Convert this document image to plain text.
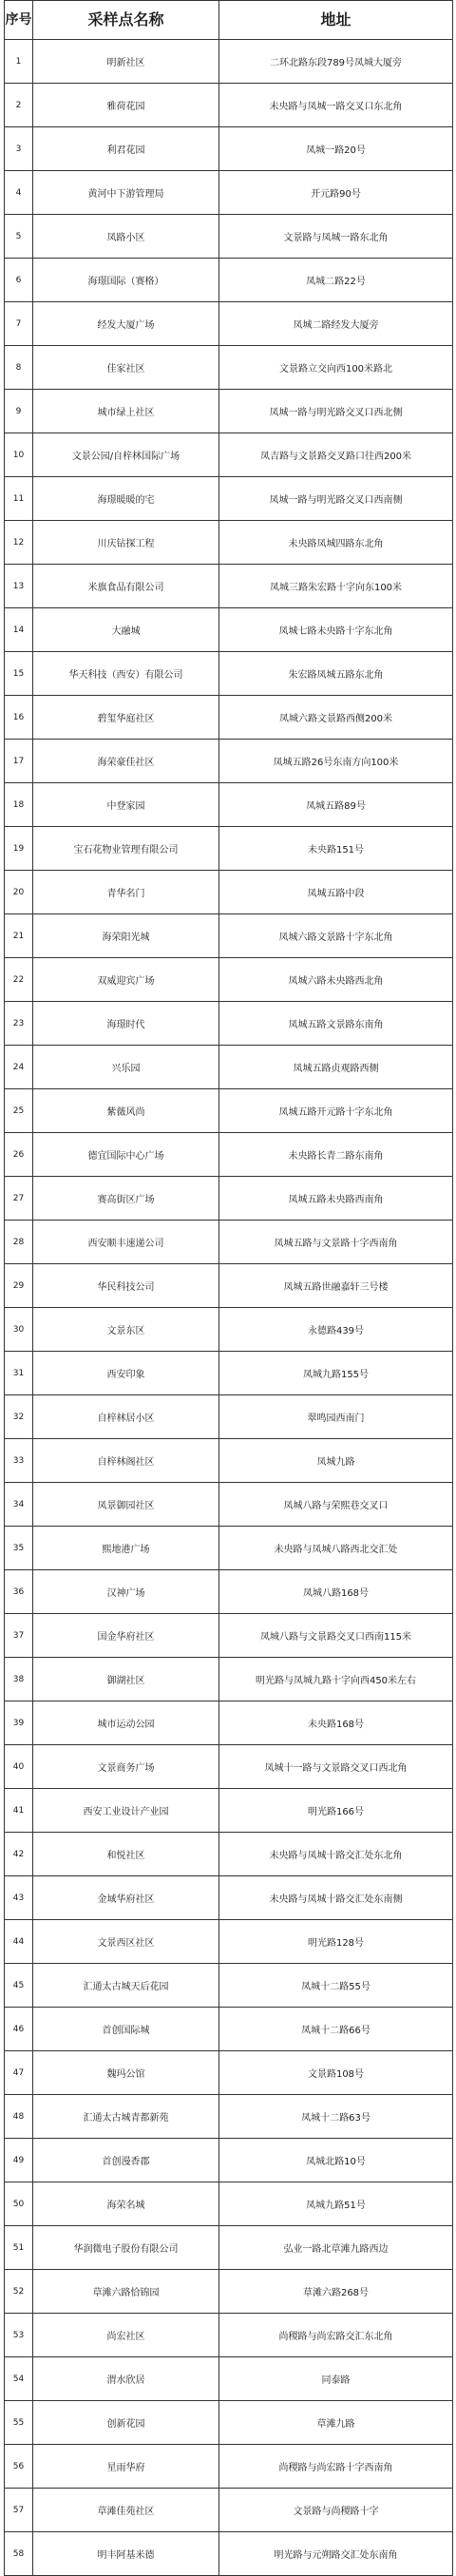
序号	采样点名称	地址
1	明新社区	二环北路东段789号凤城大厦旁
2	雅荷花园	未央路与凤城一路交叉口东北角
3	利君花园	凤城一路20号
4	黄河中下游管理局	开元路90号
5	凤路小区	文景路与凤城一路东北角
6	海璟国际（赛格）	凤城二路22号
7	经发大厦广场	凤城二路经发大厦旁
8	佳家社区	文景路立交向西100米路北
9	城市绿上社区	凤城一路与明光路交叉口西北侧
10	文景公园/自梓林国际广场	凤吉路与文景路交叉路口往西200米
11	海璟暖暖的宅	凤城一路与明光路交叉口西南侧
12	川庆钻探工程	未央路凤城四路东北角
13	米旗食品有限公司	凤城三路朱宏路十字向东100米
14	大融城	凤城七路未央路十字东北角
15	华天科技（西安）有限公司	朱宏路凤城五路东北角
16	碧玺华庭社区	凤城六路文景路西侧200米
17	海荣豪佳社区	凤城五路26号东南方向100米
18	中登家园	凤城五路89号
19	宝石花物业管理有限公司	未央路151号
20	青华名门	凤城五路中段
21	海荣阳光城	凤城六路文景路十字东北角
22	双威迎宾广场	凤城六路未央路西北角
23	海璟时代	凤城五路文景路东南角
24	兴乐园	凤城五路贞观路西侧
25	紫薇风尚	凤城五路开元路十字东北角
26	德宜国际中心广场	未央路长青二路东南角
27	赛高街区广场	凤城五路未央路西南角
28	西安顺丰速递公司	凤城五路与文景路十字西南角
29	华民科技公司	凤城五路世融嘉轩三号楼
30	文景东区	永德路439号
31	西安印象	凤城九路155号
32	自梓林居小区	翠鸣园西南门
33	自梓林阁社区	凤城九路
34	凤景御园社区	凤城八路与荣熙巷交叉口
35	熙地港广场	未央路与凤城八路西北交汇处
36	汉神广场	凤城八路168号
37	国金华府社区	凤城八路与文景路交叉口西南115米
38	御湖社区	明光路与凤城九路十字向西450米左右
39	城市运动公园	未央路168号
40	文景商务广场	凤城十一路与文景路交叉口西北角
41	西安工业设计产业园	明光路166号
42	和悦社区	未央路与凤城十路交汇处东北角
43	金域华府社区	未央路与凤城十路交汇处东南侧
44	文景西区社区	明光路128号
45	汇通太古城天后花园	凤城十二路55号
46	首创国际城	凤城十二路66号
47	魏玛公馆	文景路108号
48	汇通太古城青都新苑	凤城十二路63号
49	首创漫香郡	凤城北路10号
50	海荣名城	凤城九路51号
51	华润微电子股份有限公司	弘业一路北草滩九路西边
52	草滩六路恰锦园	草滩六路268号
53	尚宏社区	尚稷路与尚宏路交汇东北角
54	渭水欣居	同泰路
55	创新花园	草滩九路
56	星雨华府	尚稷路与尚宏路十字西南角
57	草滩佳苑社区	文景路与尚稷路十字
58	明丰阿基米德	明光路与元朔路交汇处东南角
